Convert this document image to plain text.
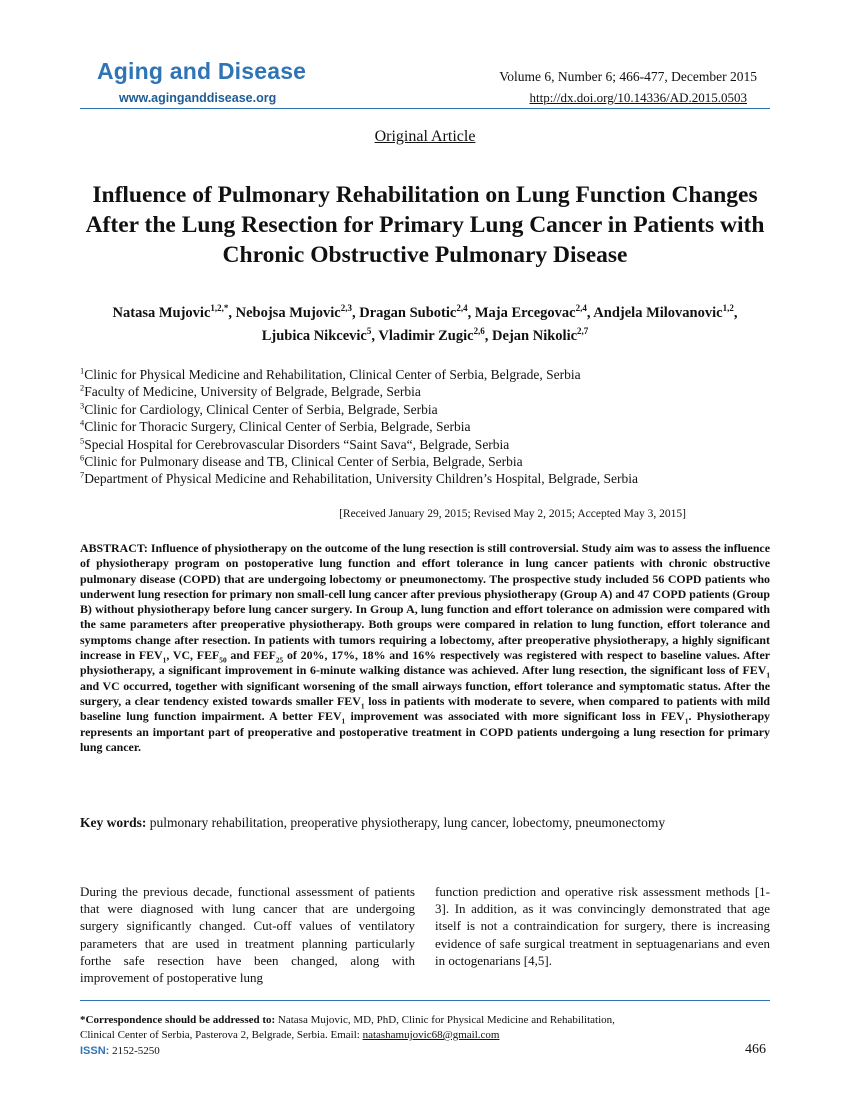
Aging and Disease
www.aginganddisease.org
Volume 6, Number 6; 466-477, December 2015
http://dx.doi.org/10.14336/AD.2015.0503
Original Article
Influence of Pulmonary Rehabilitation on Lung Function Changes After the Lung Resection for Primary Lung Cancer in Patients with Chronic Obstructive Pulmonary Disease
Natasa Mujovic$^{1,2,*}$, Nebojsa Mujovic$^{2,3}$, Dragan Subotic$^{2,4}$, Maja Ercegovac$^{2,4}$, Andjela Milovanovic$^{1,2}$, Ljubica Nikcevic$^5$, Vladimir Zugic$^{2,6}$, Dejan Nikolic$^{2,7}$
$^1$Clinic for Physical Medicine and Rehabilitation, Clinical Center of Serbia, Belgrade, Serbia
$^2$Faculty of Medicine, University of Belgrade, Belgrade, Serbia
$^3$Clinic for Cardiology, Clinical Center of Serbia, Belgrade, Serbia
$^4$Clinic for Thoracic Surgery, Clinical Center of Serbia, Belgrade, Serbia
$^5$Special Hospital for Cerebrovascular Disorders “Saint Sava“, Belgrade, Serbia
$^6$Clinic for Pulmonary disease and TB, Clinical Center of Serbia, Belgrade, Serbia
$^7$Department of Physical Medicine and Rehabilitation, University Children’s Hospital, Belgrade, Serbia
[Received January 29, 2015; Revised May 2, 2015; Accepted May 3, 2015]
ABSTRACT: Influence of physiotherapy on the outcome of the lung resection is still controversial. Study aim was to assess the influence of physiotherapy program on postoperative lung function and effort tolerance in lung cancer patients with chronic obstructive pulmonary disease (COPD) that are undergoing lobectomy or pneumonectomy. The prospective study included 56 COPD patients who underwent lung resection for primary non small-cell lung cancer after previous physiotherapy (Group A) and 47 COPD patients (Group B) without physiotherapy before lung cancer surgery. In Group A, lung function and effort tolerance on admission were compared with the same parameters after preoperative physiotherapy. Both groups were compared in relation to lung function, effort tolerance and symptoms change after resection. In patients with tumors requiring a lobectomy, after preoperative physiotherapy, a highly significant increase in $FEV_1$, VC, $FEF_{50}$ and $FEF_{25}$ of 20%, 17%, 18% and 16% respectively was registered with respect to baseline values. After physiotherapy, a significant improvement in 6-minute walking distance was achieved. After lung resection, the significant loss of $FEV_1$ and VC occurred, together with significant worsening of the small airways function, effort tolerance and symptomatic status. After the surgery, a clear tendency existed towards smaller $FEV_1$ loss in patients with moderate to severe, when compared to patients with mild baseline lung function impairment. A better $FEV_1$ improvement was associated with more significant loss in $FEV_1$. Physiotherapy represents an important part of preoperative and postoperative treatment in COPD patients undergoing a lung resection for primary lung cancer.
Key words: pulmonary rehabilitation, preoperative physiotherapy, lung cancer, lobectomy, pneumonectomy
During the previous decade, functional assessment of patients that were diagnosed with lung cancer that are undergoing surgery significantly changed. Cut-off values of ventilatory parameters that are used in treatment planning particularly forthe safe resection have been changed, along with improvement of postoperative lung
function prediction and operative risk assessment methods [1-3]. In addition, as it was convincingly demonstrated that age itself is not a contraindication for surgery, there is increasing evidence of safe surgical treatment in septuagenarians and even in octogenarians [4,5].
*Correspondence should be addressed to: Natasa Mujovic, MD, PhD, Clinic for Physical Medicine and Rehabilitation,
Clinical Center of Serbia, Pasterova 2, Belgrade, Serbia. Email: natashamujovic68@gmail.com
ISSN: 2152-5250	466
